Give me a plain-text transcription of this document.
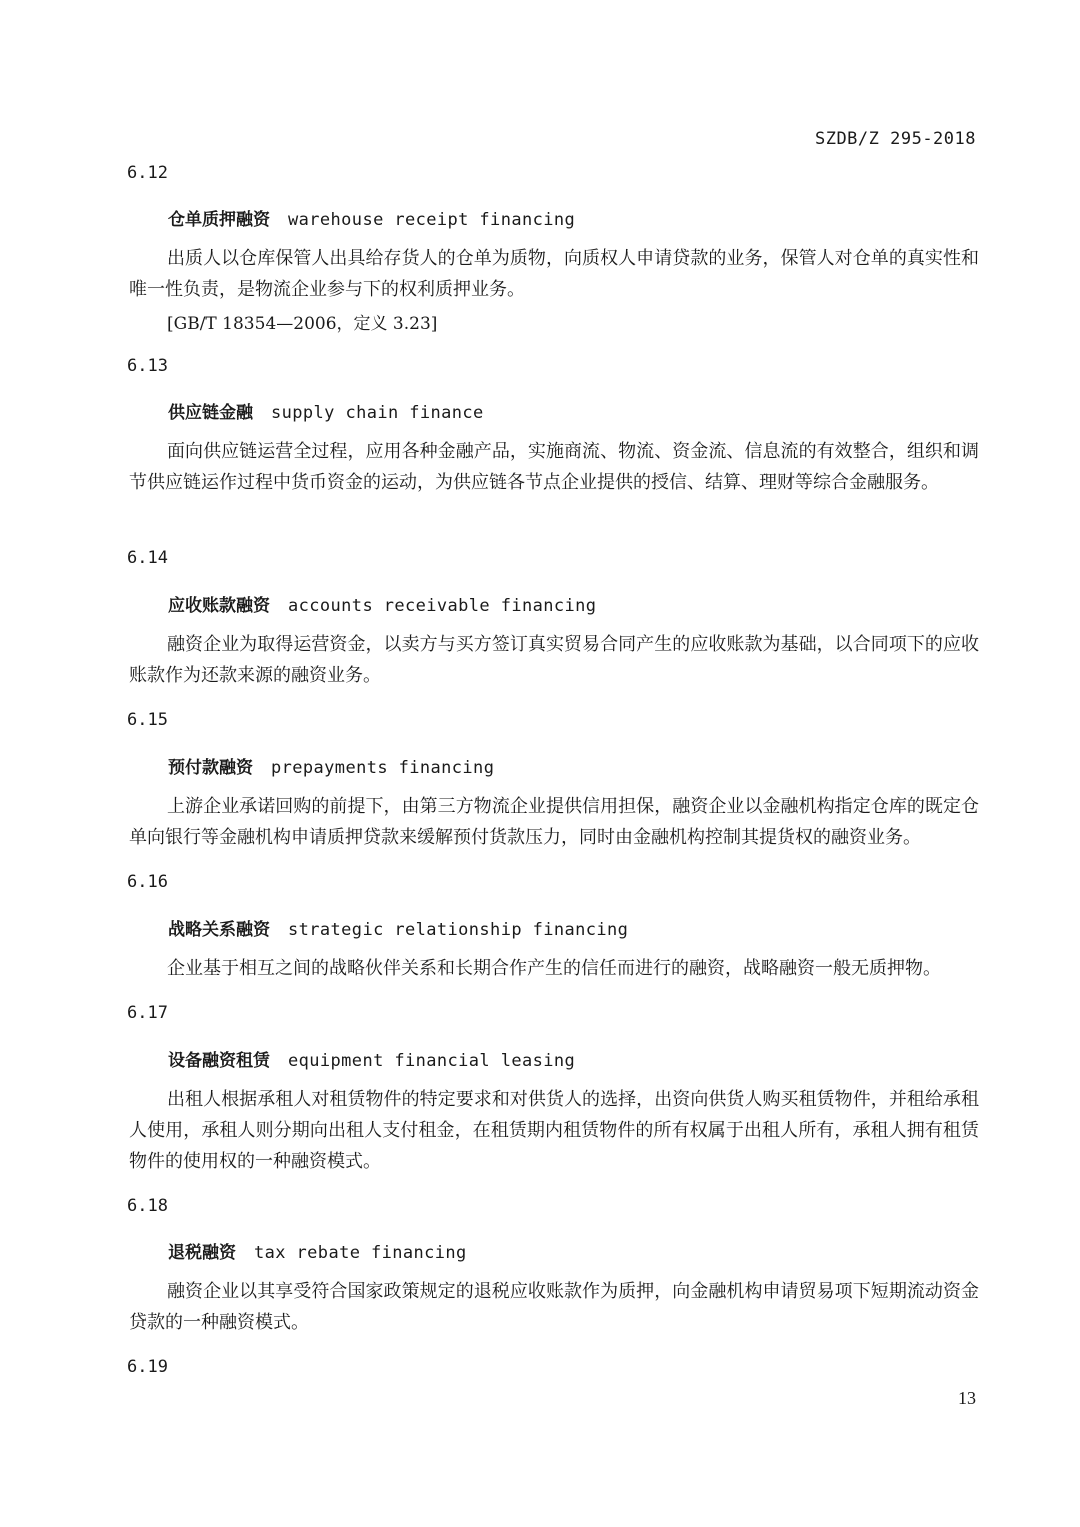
SZDB/Z 295-2018
6.12
仓单质押融资 warehouse receipt financing

出质人以仓库保管人出具给存货人的仓单为质物，向质权人申请贷款的业务，保管人对仓单的真实性和唯一性负责，是物流企业参与下的权利质押业务。

[GB/T 18354—2006，定义 3.23]
6.13
供应链金融 supply chain finance

面向供应链运营全过程，应用各种金融产品，实施商流、物流、资金流、信息流的有效整合，组织和调节供应链运作过程中货币资金的运动，为供应链各节点企业提供的授信、结算、理财等综合金融服务。

6.14
应收账款融资 accounts receivable financing

融资企业为取得运营资金，以卖方与买方签订真实贸易合同产生的应收账款为基础，以合同项下的应收账款作为还款来源的融资业务。

6.15
预付款融资 prepayments financing

上游企业承诺回购的前提下，由第三方物流企业提供信用担保，融资企业以金融机构指定仓库的既定仓单向银行等金融机构申请质押贷款来缓解预付货款压力，同时由金融机构控制其提货权的融资业务。

6.16
战略关系融资 strategic relationship financing

企业基于相互之间的战略伙伴关系和长期合作产生的信任而进行的融资，战略融资一般无质押物。

6.17
设备融资租赁 equipment financial leasing

出租人根据承租人对租赁物件的特定要求和对供货人的选择，出资向供货人购买租赁物件，并租给承租人使用，承租人则分期向出租人支付租金，在租赁期内租赁物件的所有权属于出租人所有，承租人拥有租赁物件的使用权的一种融资模式。

6.18
退税融资 tax rebate financing

融资企业以其享受符合国家政策规定的退税应收账款作为质押，向金融机构申请贸易项下短期流动资金贷款的一种融资模式。

6.19
13
